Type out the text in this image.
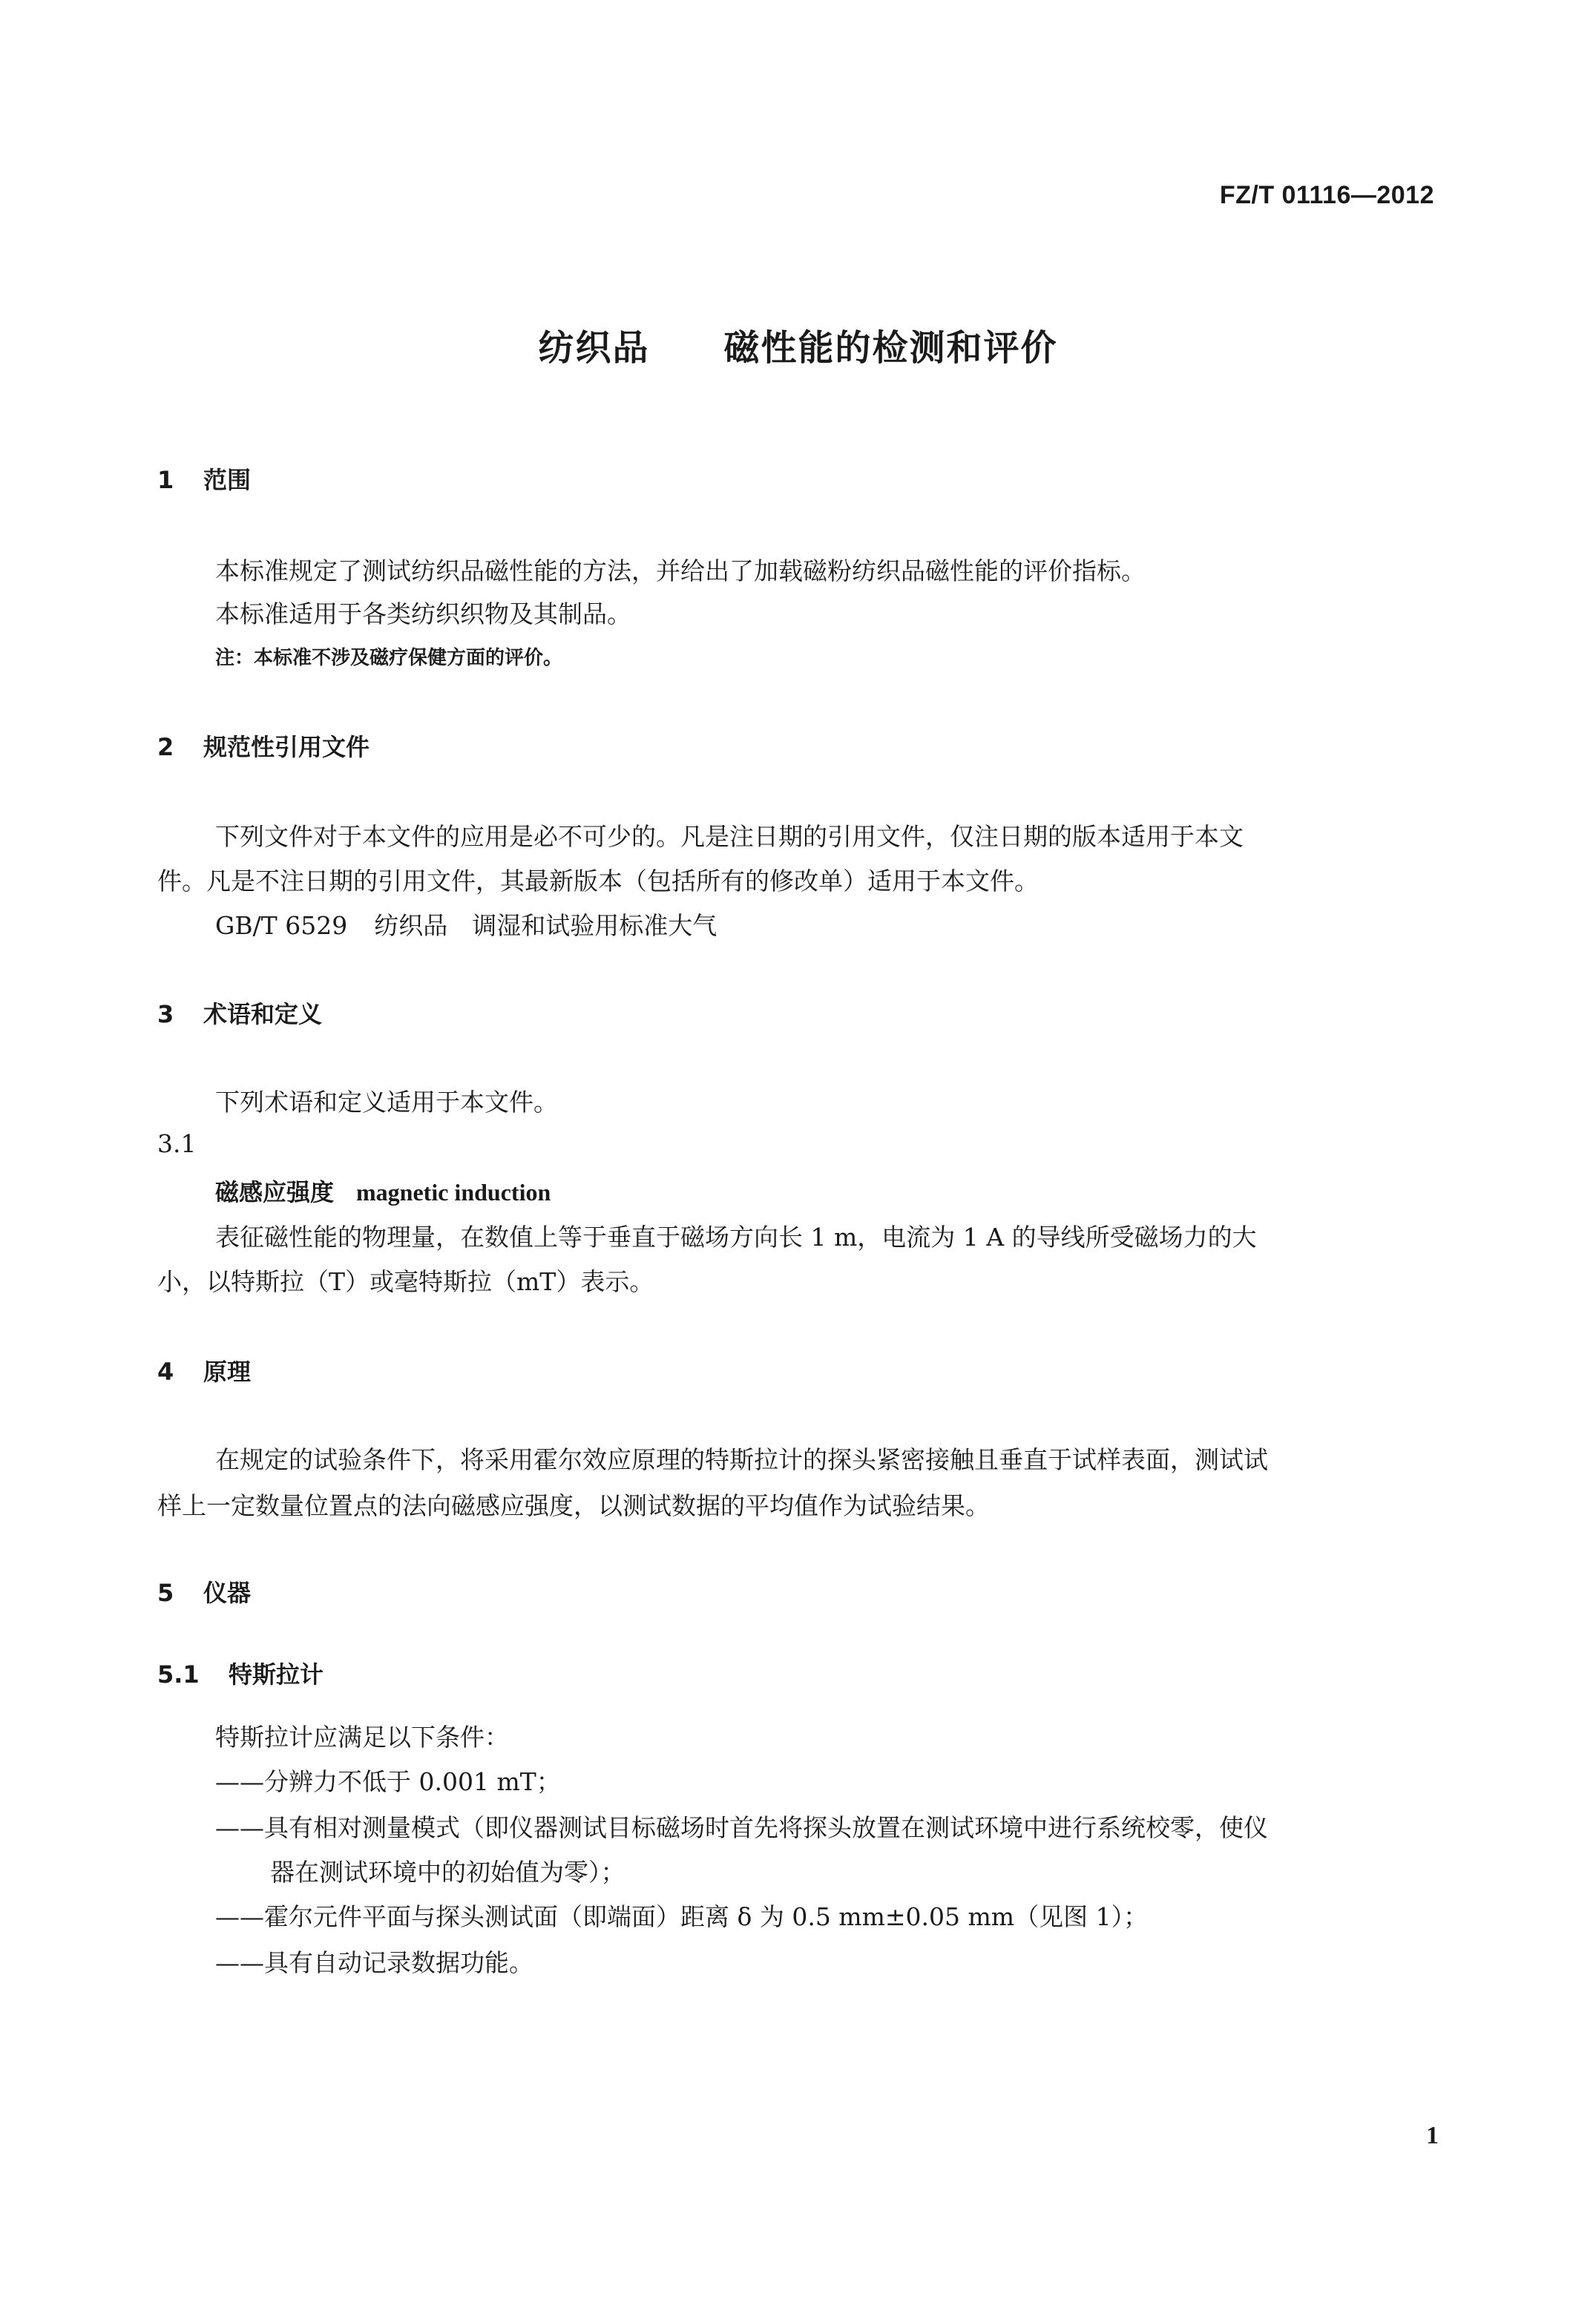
FZ/T 01116—2012
纺织品　　磁性能的检测和评价
1 范围
本标准规定了测试纺织品磁性能的方法，并给出了加载磁粉纺织品磁性能的评价指标。
本标准适用于各类纺织织物及其制品。
注：本标准不涉及磁疗保健方面的评价。
2 规范性引用文件
下列文件对于本文件的应用是必不可少的。凡是注日期的引用文件，仅注日期的版本适用于本文
件。凡是不注日期的引用文件，其最新版本（包括所有的修改单）适用于本文件。
GB/T 6529 纺织品　调湿和试验用标准大气
3 术语和定义
下列术语和定义适用于本文件。
3.1
磁感应强度 magnetic induction
表征磁性能的物理量，在数值上等于垂直于磁场方向长 1 m，电流为 1 A 的导线所受磁场力的大
小，以特斯拉（T）或毫特斯拉（mT）表示。
4 原理
在规定的试验条件下，将采用霍尔效应原理的特斯拉计的探头紧密接触且垂直于试样表面，测试试
样上一定数量位置点的法向磁感应强度，以测试数据的平均值作为试验结果。
5 仪器
5.1 特斯拉计
特斯拉计应满足以下条件：
——分辨力不低于 0.001 mT；
——具有相对测量模式（即仪器测试目标磁场时首先将探头放置在测试环境中进行系统校零，使仪
器在测试环境中的初始值为零）；
——霍尔元件平面与探头测试面（即端面）距离 δ 为 0.5 mm±0.05 mm（见图 1）；
——具有自动记录数据功能。
1
